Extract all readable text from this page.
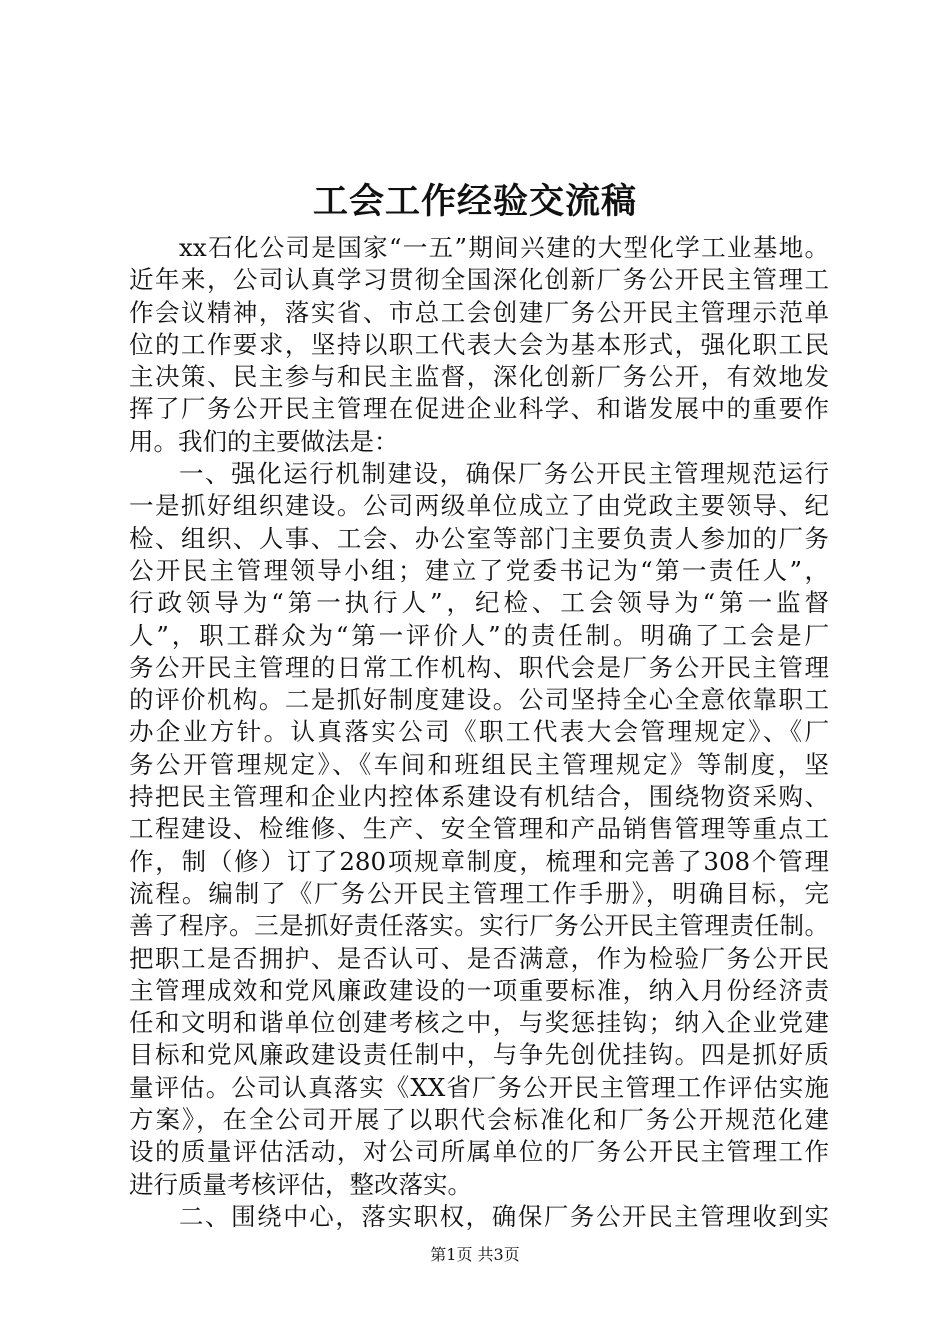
工会工作经验交流稿
xx石化公司是国家“一五”期间兴建的大型化学工业基地。
近年来，公司认真学习贯彻全国深化创新厂务公开民主管理工
作会议精神，落实省、市总工会创建厂务公开民主管理示范单
位的工作要求，坚持以职工代表大会为基本形式，强化职工民
主决策、民主参与和民主监督，深化创新厂务公开，有效地发
挥了厂务公开民主管理在促进企业科学、和谐发展中的重要作
用。我们的主要做法是：
一、强化运行机制建设，确保厂务公开民主管理规范运行
一是抓好组织建设。公司两级单位成立了由党政主要领导、纪
检、组织、人事、工会、办公室等部门主要负责人参加的厂务
公开民主管理领导小组；建立了党委书记为“第一责任人”，
行政领导为“第一执行人”，纪检、工会领导为“第一监督
人”，职工群众为“第一评价人”的责任制。明确了工会是厂
务公开民主管理的日常工作机构、职代会是厂务公开民主管理
的评价机构。二是抓好制度建设。公司坚持全心全意依靠职工
办企业方针。认真落实公司《职工代表大会管理规定》、《厂
务公开管理规定》、《车间和班组民主管理规定》等制度，坚
持把民主管理和企业内控体系建设有机结合，围绕物资采购、
工程建设、检维修、生产、安全管理和产品销售管理等重点工
作，制（修）订了280项规章制度，梳理和完善了308个管理
流程。编制了《厂务公开民主管理工作手册》，明确目标，完
善了程序。三是抓好责任落实。实行厂务公开民主管理责任制。
把职工是否拥护、是否认可、是否满意，作为检验厂务公开民
主管理成效和党风廉政建设的一项重要标准，纳入月份经济责
任和文明和谐单位创建考核之中，与奖惩挂钩；纳入企业党建
目标和党风廉政建设责任制中，与争先创优挂钩。四是抓好质
量评估。公司认真落实《XX省厂务公开民主管理工作评估实施
方案》，在全公司开展了以职代会标准化和厂务公开规范化建
设的质量评估活动，对公司所属单位的厂务公开民主管理工作
进行质量考核评估，整改落实。
二、围绕中心，落实职权，确保厂务公开民主管理收到实
第1页 共3页
